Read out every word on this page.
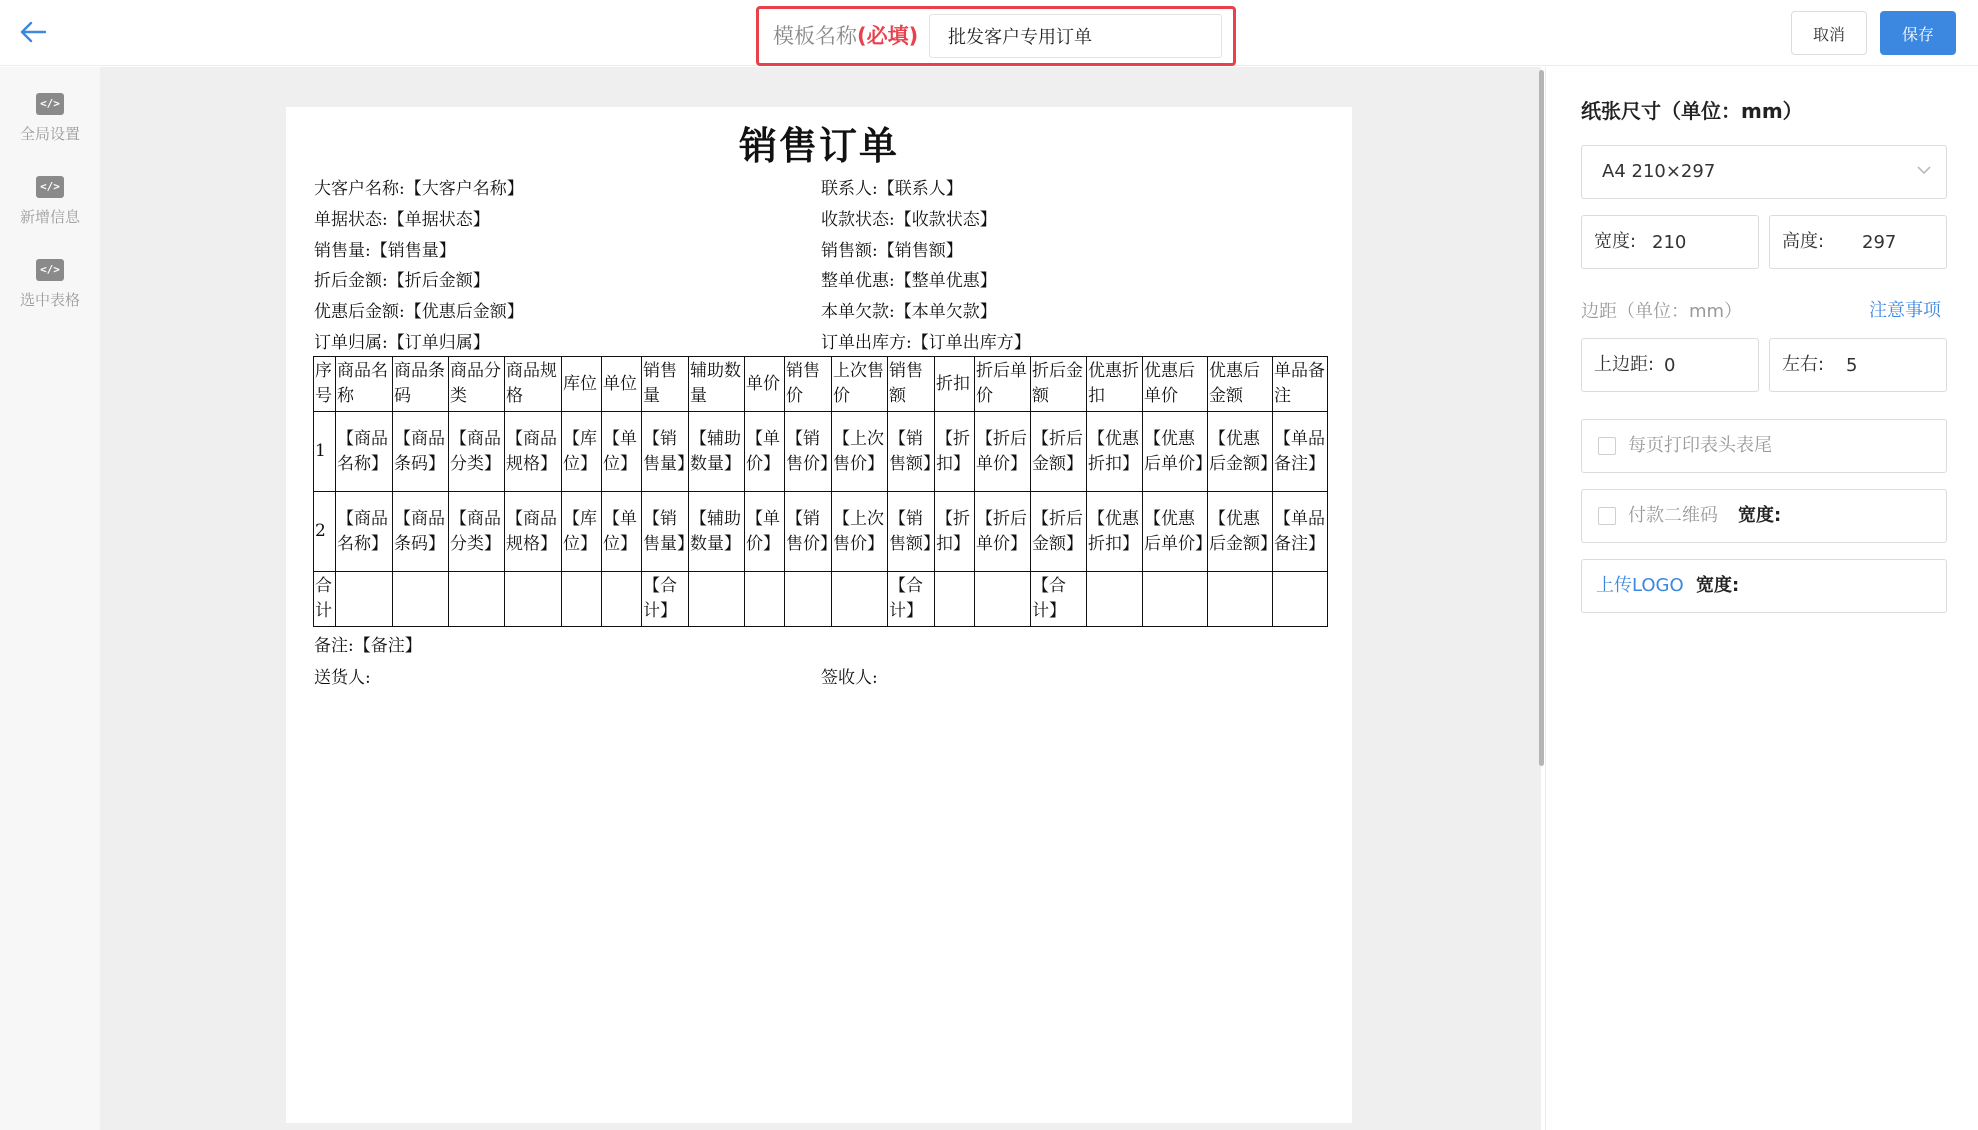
模板名称(必填)
批发客户专用订单	取消	保存
</>
全局设置
</>
新增信息
</>
选中表格
销售订单
大客户名称:【大客户名称】
单据状态:【单据状态】
销售量:【销售量】
折后金额:【折后金额】
优惠后金额:【优惠后金额】
订单归属:【订单归属】
联系人:【联系人】
收款状态:【收款状态】
销售额:【销售额】
整单优惠:【整单优惠】
本单欠款:【本单欠款】
订单出库方:【订单出库方】
序号	商品名称	商品条码	商品分类	商品规格	库位	单位	销售量	辅助数量	单价	销售价	上次售价	销售额	折扣	折后单价	折后金额	优惠折扣	优惠后单价	优惠后金额	单品备注
1	【商品名称】	【商品条码】	【商品分类】	【商品规格】	【库位】	【单位】	【销售量】	【辅助数量】	【单价】	【销售价】	【上次售价】	【销售额】	【折扣】	【折后单价】	【折后金额】	【优惠折扣】	【优惠后单价】	【优惠后金额】	【单品备注】
2	【商品名称】	【商品条码】	【商品分类】	【商品规格】	【库位】	【单位】	【销售量】	【辅助数量】	【单价】	【销售价】	【上次售价】	【销售额】	【折扣】	【折后单价】	【折后金额】	【优惠折扣】	【优惠后单价】	【优惠后金额】	【单品备注】
合计							【合计】					【合计】			【合计】				
备注:【备注】
送货人:	签收人:
纸张尺寸（单位：mm）
A4 210×297
宽度:
210	高度:
297
边距（单位：mm）	注意事项
上边距:
0	左右:
5
每页打印表头表尾
付款二维码 宽度:
上传LOGO 宽度:
